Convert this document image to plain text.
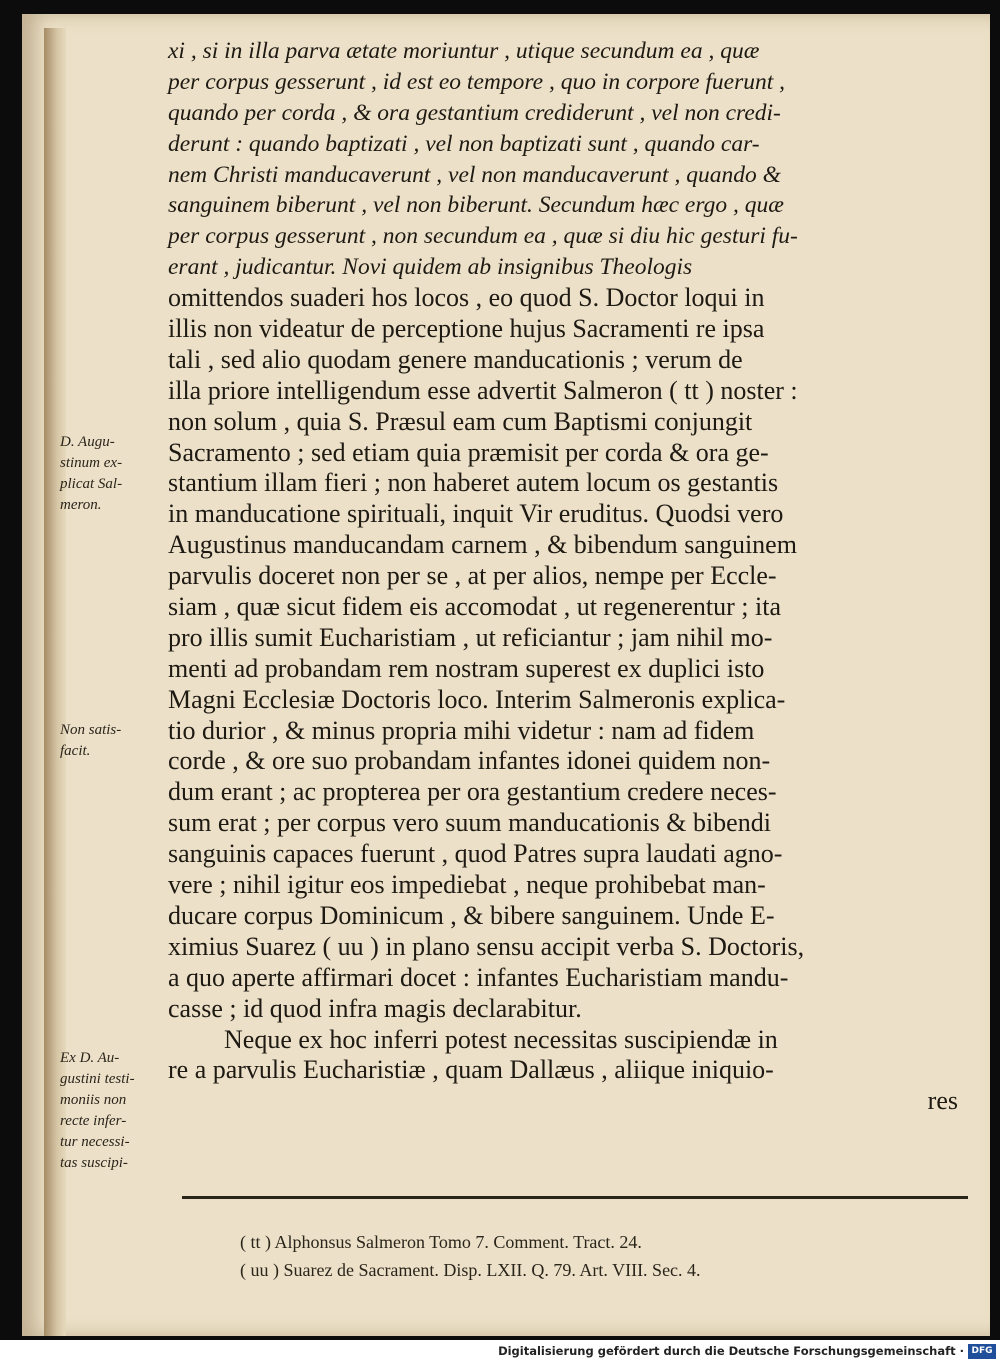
xi , si in illa parva ætate moriuntur , utique secundum ea , quæ
per corpus gesserunt , id est eo tempore , quo in corpore fuerunt ,
quando per corda , & ora gestantium crediderunt , vel non credi-
derunt : quando baptizati , vel non baptizati sunt , quando car-
nem Christi manducaverunt , vel non manducaverunt , quando &
sanguinem biberunt , vel non biberunt. Secundum hæc ergo , quæ
per corpus gesserunt , non secundum ea , quæ si diu hic gesturi fu-
erant , judicantur. Novi quidem ab insignibus Theologis
omittendos suaderi hos locos , eo quod S. Doctor loqui in
illis non videatur de perceptione hujus Sacramenti re ipsa
tali , sed alio quodam genere manducationis ; verum de
illa priore intelligendum esse advertit Salmeron ( tt ) noster :
non solum , quia S. Præsul eam cum Baptismi conjungit
Sacramento ; sed etiam quia præmisit per corda & ora ge-
stantium illam fieri ; non haberet autem locum os gestantis
in manducatione spirituali, inquit Vir eruditus. Quodsi vero
Augustinus manducandam carnem , & bibendum sanguinem
parvulis doceret non per se , at per alios, nempe per Eccle-
siam , quæ sicut fidem eis accomodat , ut regenerentur ; ita
pro illis sumit Eucharistiam , ut reficiantur ; jam nihil mo-
menti ad probandam rem nostram superest ex duplici isto
Magni Ecclesiæ Doctoris loco. Interim Salmeronis explica-
tio durior , & minus propria mihi videtur : nam ad fidem
corde , & ore suo probandam infantes idonei quidem non-
dum erant ; ac propterea per ora gestantium credere neces-
sum erat ; per corpus vero suum manducationis & bibendi
sanguinis capaces fuerunt , quod Patres supra laudati agno-
vere ; nihil igitur eos impediebat , neque prohibebat man-
ducare corpus Dominicum , & bibere sanguinem. Unde E-
ximius Suarez ( uu ) in plano sensu accipit verba S. Doctoris,
a quo aperte affirmari docet : infantes Eucharistiam mandu-
casse ; id quod infra magis declarabitur.
Neque ex hoc inferri potest necessitas suscipiendæ in
re a parvulis Eucharistiæ , quam Dallæus , aliique iniquio-
res
D. Augu-
stinum ex-
plicat Sal-
meron.
Non satis-
facit.
Ex D. Au-
gustini testi-
moniis non
recte infer-
tur necessi-
tas suscipi-
( tt ) Alphonsus Salmeron Tomo 7. Comment. Tract. 24.
( uu ) Suarez de Sacrament. Disp. LXII. Q. 79. Art. VIII. Sec. 4.
Digitalisierung gefördert durch die Deutsche Forschungsgemeinschaft · DFG
